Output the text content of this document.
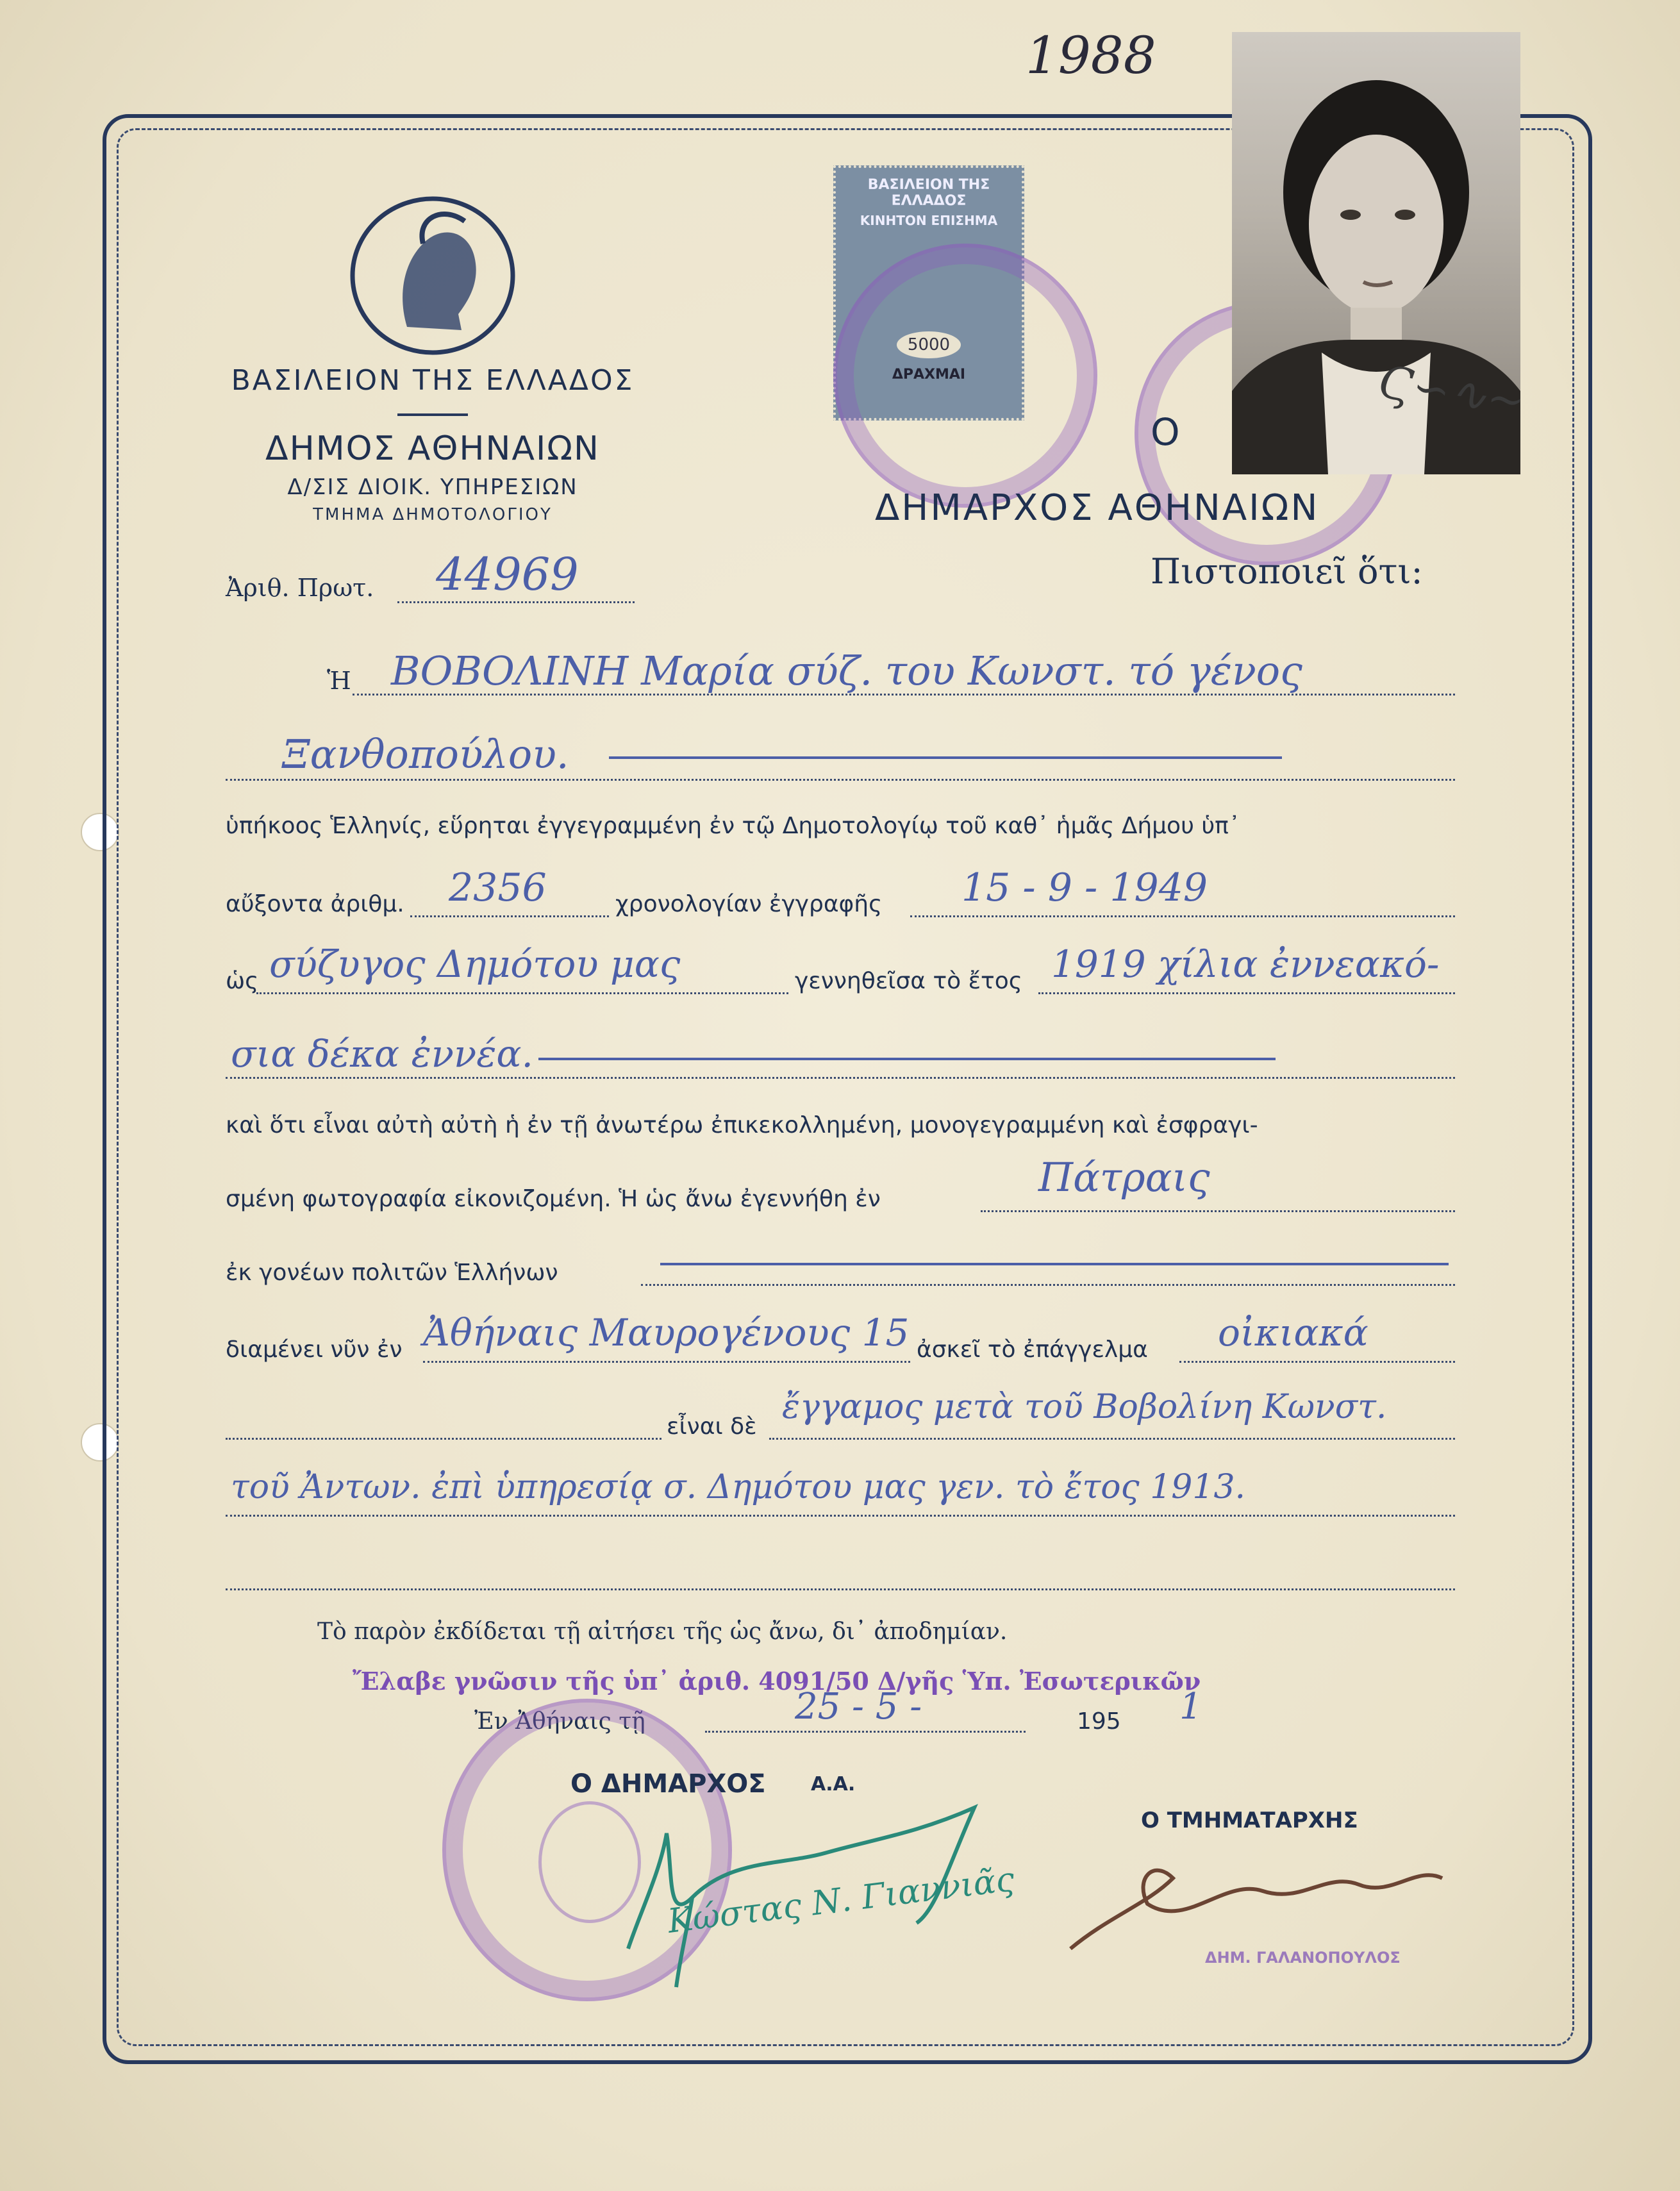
1988
ΒΑΣΙΛΕΙΟΝ ΤΗΣ ΕΛΛΑΔΟΣ
ΔΗΜΟΣ ΑΘΗΝΑΙΩΝ
Δ/ΣΙΣ ΔΙΟΙΚ. ΥΠΗΡΕΣΙΩΝ
ΤΜΗΜΑ ΔΗΜΟΤΟΛΟΓΙΟΥ
Ἀριθ. Πρωτ. 44969
ΒΑΣΙΛΕΙΟΝ ΤΗΣ ΕΛΛΑΔΟΣ
ΚΙΝΗΤΟΝ ΕΠΙΣΗΜΑ
5000
ΔΡΑΧΜΑΙ
Ο
ΔΗΜΑΡΧΟΣ ΑΘΗΝΑΙΩΝ
Πιστοποιεῖ ὅτι:
Ϛ∽∿~
Ἡ ΒΟΒΟΛΙΝΗ Μαρία σύζ. του Κωνστ. τό γένος
Ξανθοπούλου.
ὑπήκοος Ἑλληνίς, εὕρηται ἐγγεγραμμένη ἐν τῷ Δημοτολογίῳ τοῦ καθ᾽ ἡμᾶς Δήμου ὑπ᾽
αὔξοντα ἀριθμ. 2356	χρονολογίαν ἐγγραφῆς 15 - 9 - 1949
ὡς σύζυγος Δημότου μας	γεννηθεῖσα τὸ ἔτος 1919 χίλια ἐννεακό-
σια δέκα ἐννέα.
καὶ ὅτι εἶναι αὐτὴ αὐτὴ ἡ ἐν τῇ ἀνωτέρω ἐπικεκολλημένη, μονογεγραμμένη καὶ ἐσφραγι-
σμένη φωτογραφία εἰκονιζομένη. Ἡ ὡς ἄνω ἐγεννήθη ἐν	Πάτραις
ἐκ γονέων πολιτῶν Ἑλλήνων
διαμένει νῦν ἐν Ἀθήναις Μαυρογένους 15 ἀσκεῖ τὸ ἐπάγγελμα οἰκιακά
εἶναι δὲ
ἔγγαμος μετὰ τοῦ Βοβολίνη Κωνστ.
τοῦ Ἀντων. ἐπὶ ὑπηρεσίᾳ σ. Δημότου μας γεν. τὸ ἔτος 1913.
Τὸ παρὸν ἐκδίδεται τῇ αἰτήσει τῆς ὡς ἄνω, δι᾽ ἀποδημίαν.
Ἔλαβε γνῶσιν τῆς ὑπ᾽ ἀριθ. 4091/50 Δ/γῆς Ὑπ. Ἐσωτερικῶν
Ἐν Ἀθήναις τῇ	25 - 5 -	195 1
Ο ΔΗΜΑΡΧΟΣ Α.Α.
Κώστας Ν. Γιαννιᾶς
Ο ΤΜΗΜΑΤΑΡΧΗΣ
ΔΗΜ. ΓΑΛΑΝΟΠΟΥΛΟΣ
